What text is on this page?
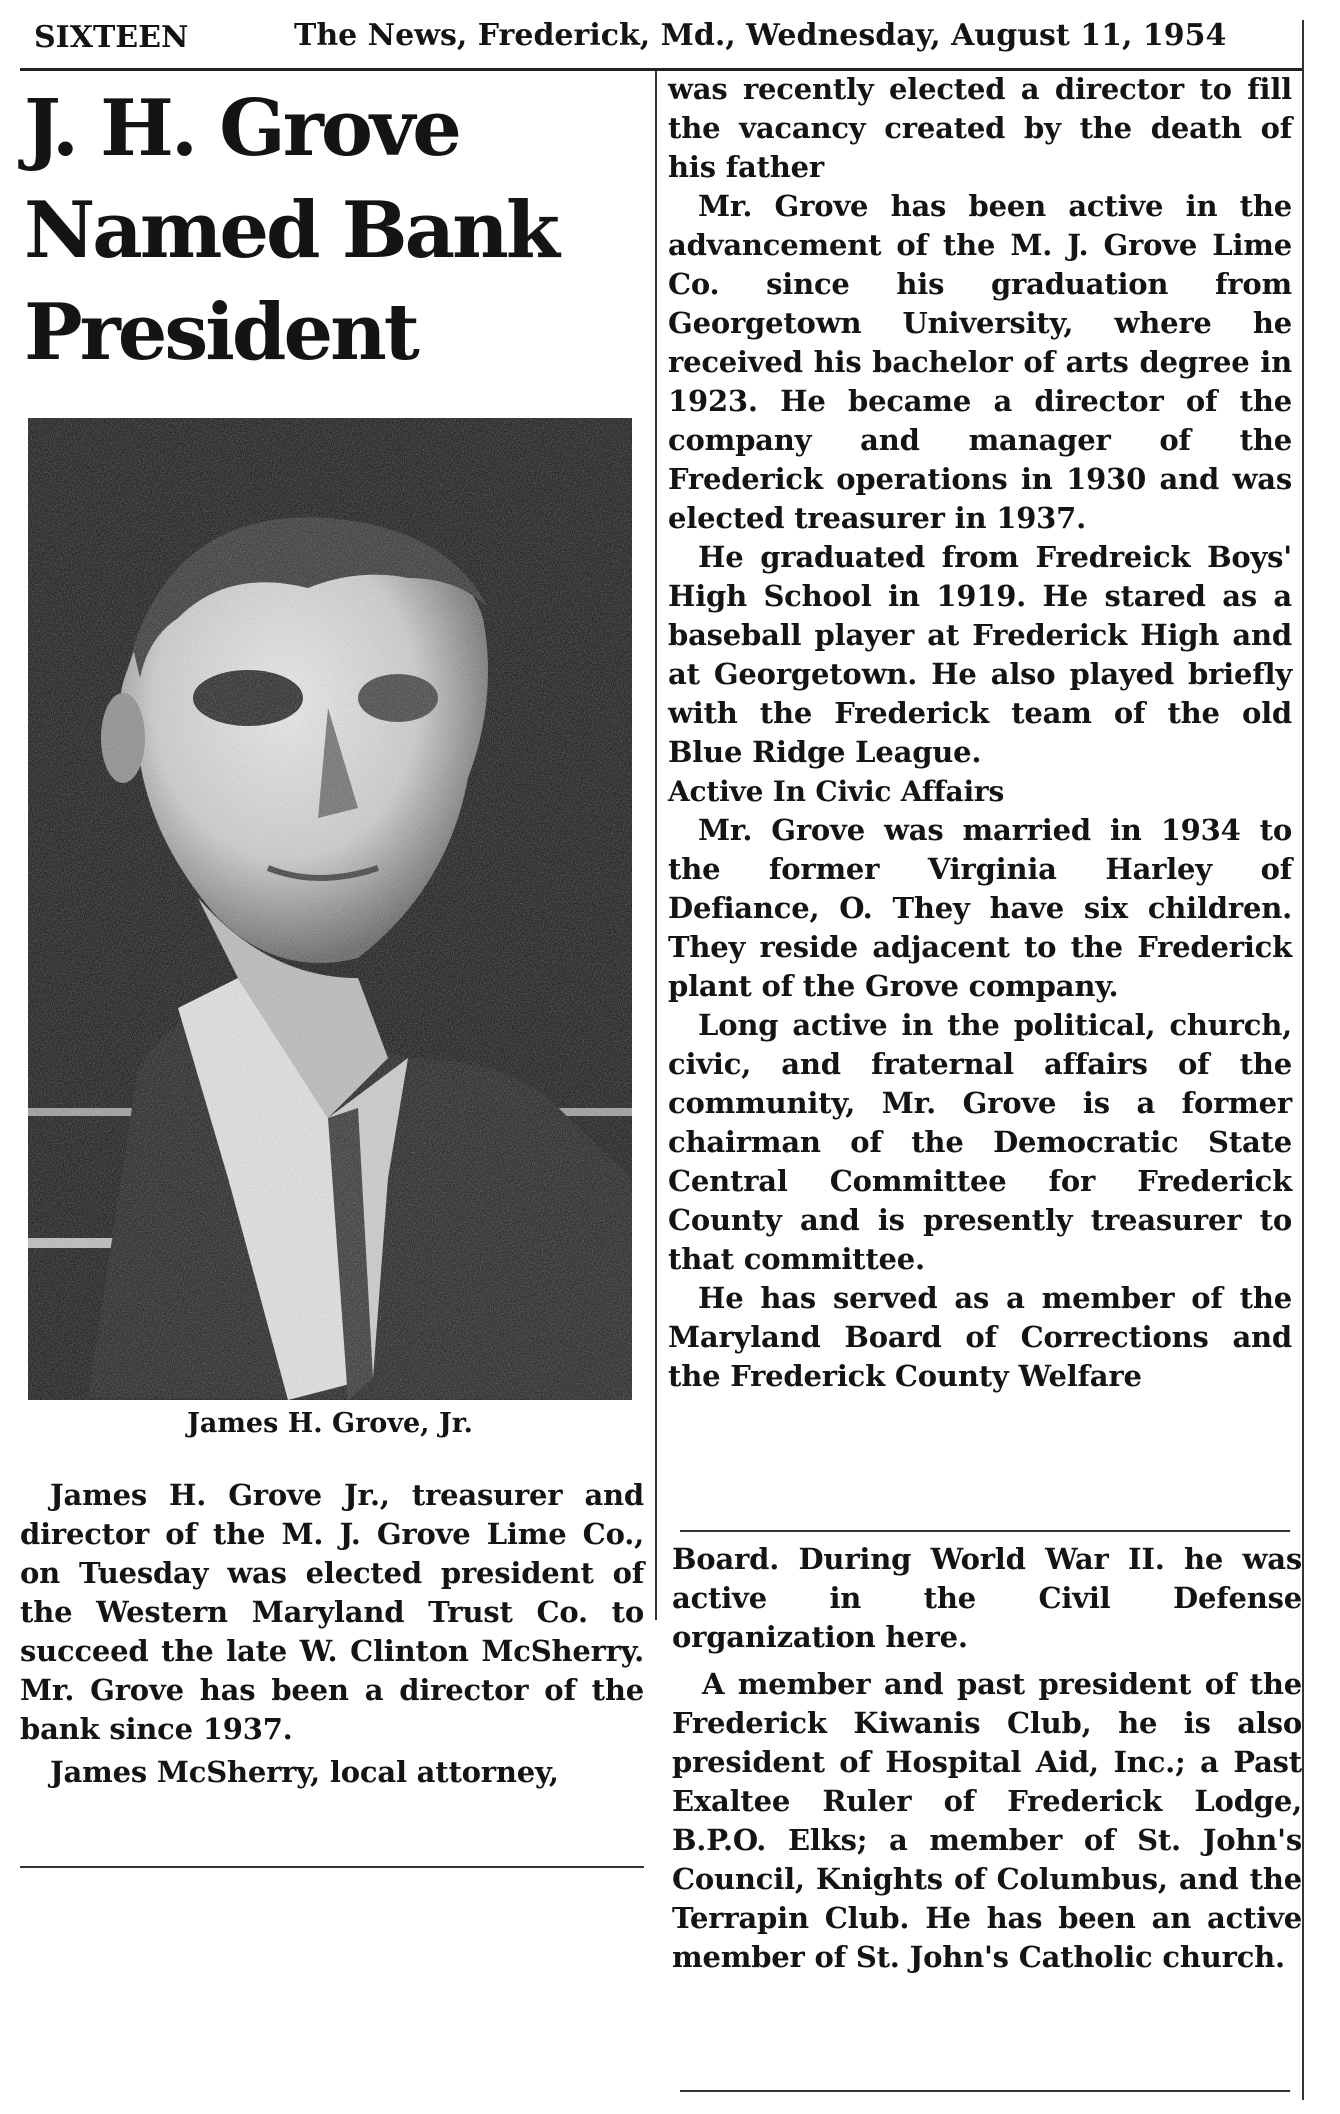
SIXTEEN	The News, Frederick, Md., Wednesday, August 11, 1954
J. H. Grove
Named Bank
President
James H. Grove, Jr.

James H. Grove Jr., treasurer and director of the M. J. Grove Lime Co., on Tuesday was elected president of the Western Maryland Trust Co. to succeed the late W. Clinton McSherry. Mr. Grove has been a director of the bank since 1937.

James McSherry, local attorney,

was recently elected a director to fill the vacancy created by the death of his father

Mr. Grove has been active in the advancement of the M. J. Grove Lime Co. since his graduation from Georgetown University, where he received his bachelor of arts degree in 1923. He became a director of the company and manager of the Frederick operations in 1930 and was elected treasurer in 1937.

He graduated from Fredreick Boys' High School in 1919. He stared as a baseball player at Frederick High and at Georgetown. He also played briefly with the Frederick team of the old Blue Ridge League.

Active In Civic Affairs

Mr. Grove was married in 1934 to the former Virginia Harley of Defiance, O. They have six children. They reside adjacent to the Frederick plant of the Grove company.

Long active in the political, church, civic, and fraternal affairs of the community, Mr. Grove is a former chairman of the Democratic State Central Committee for Frederick County and is presently treasurer to that committee.

He has served as a member of the Maryland Board of Corrections and the Frederick County Welfare

Board. During World War II. he was active in the Civil Defense organization here.

A member and past president of the Frederick Kiwanis Club, he is also president of Hospital Aid, Inc.; a Past Exaltee Ruler of Frederick Lodge, B.P.O. Elks; a member of St. John's Council, Knights of Columbus, and the Terrapin Club. He has been an active member of St. John's Catholic church.
